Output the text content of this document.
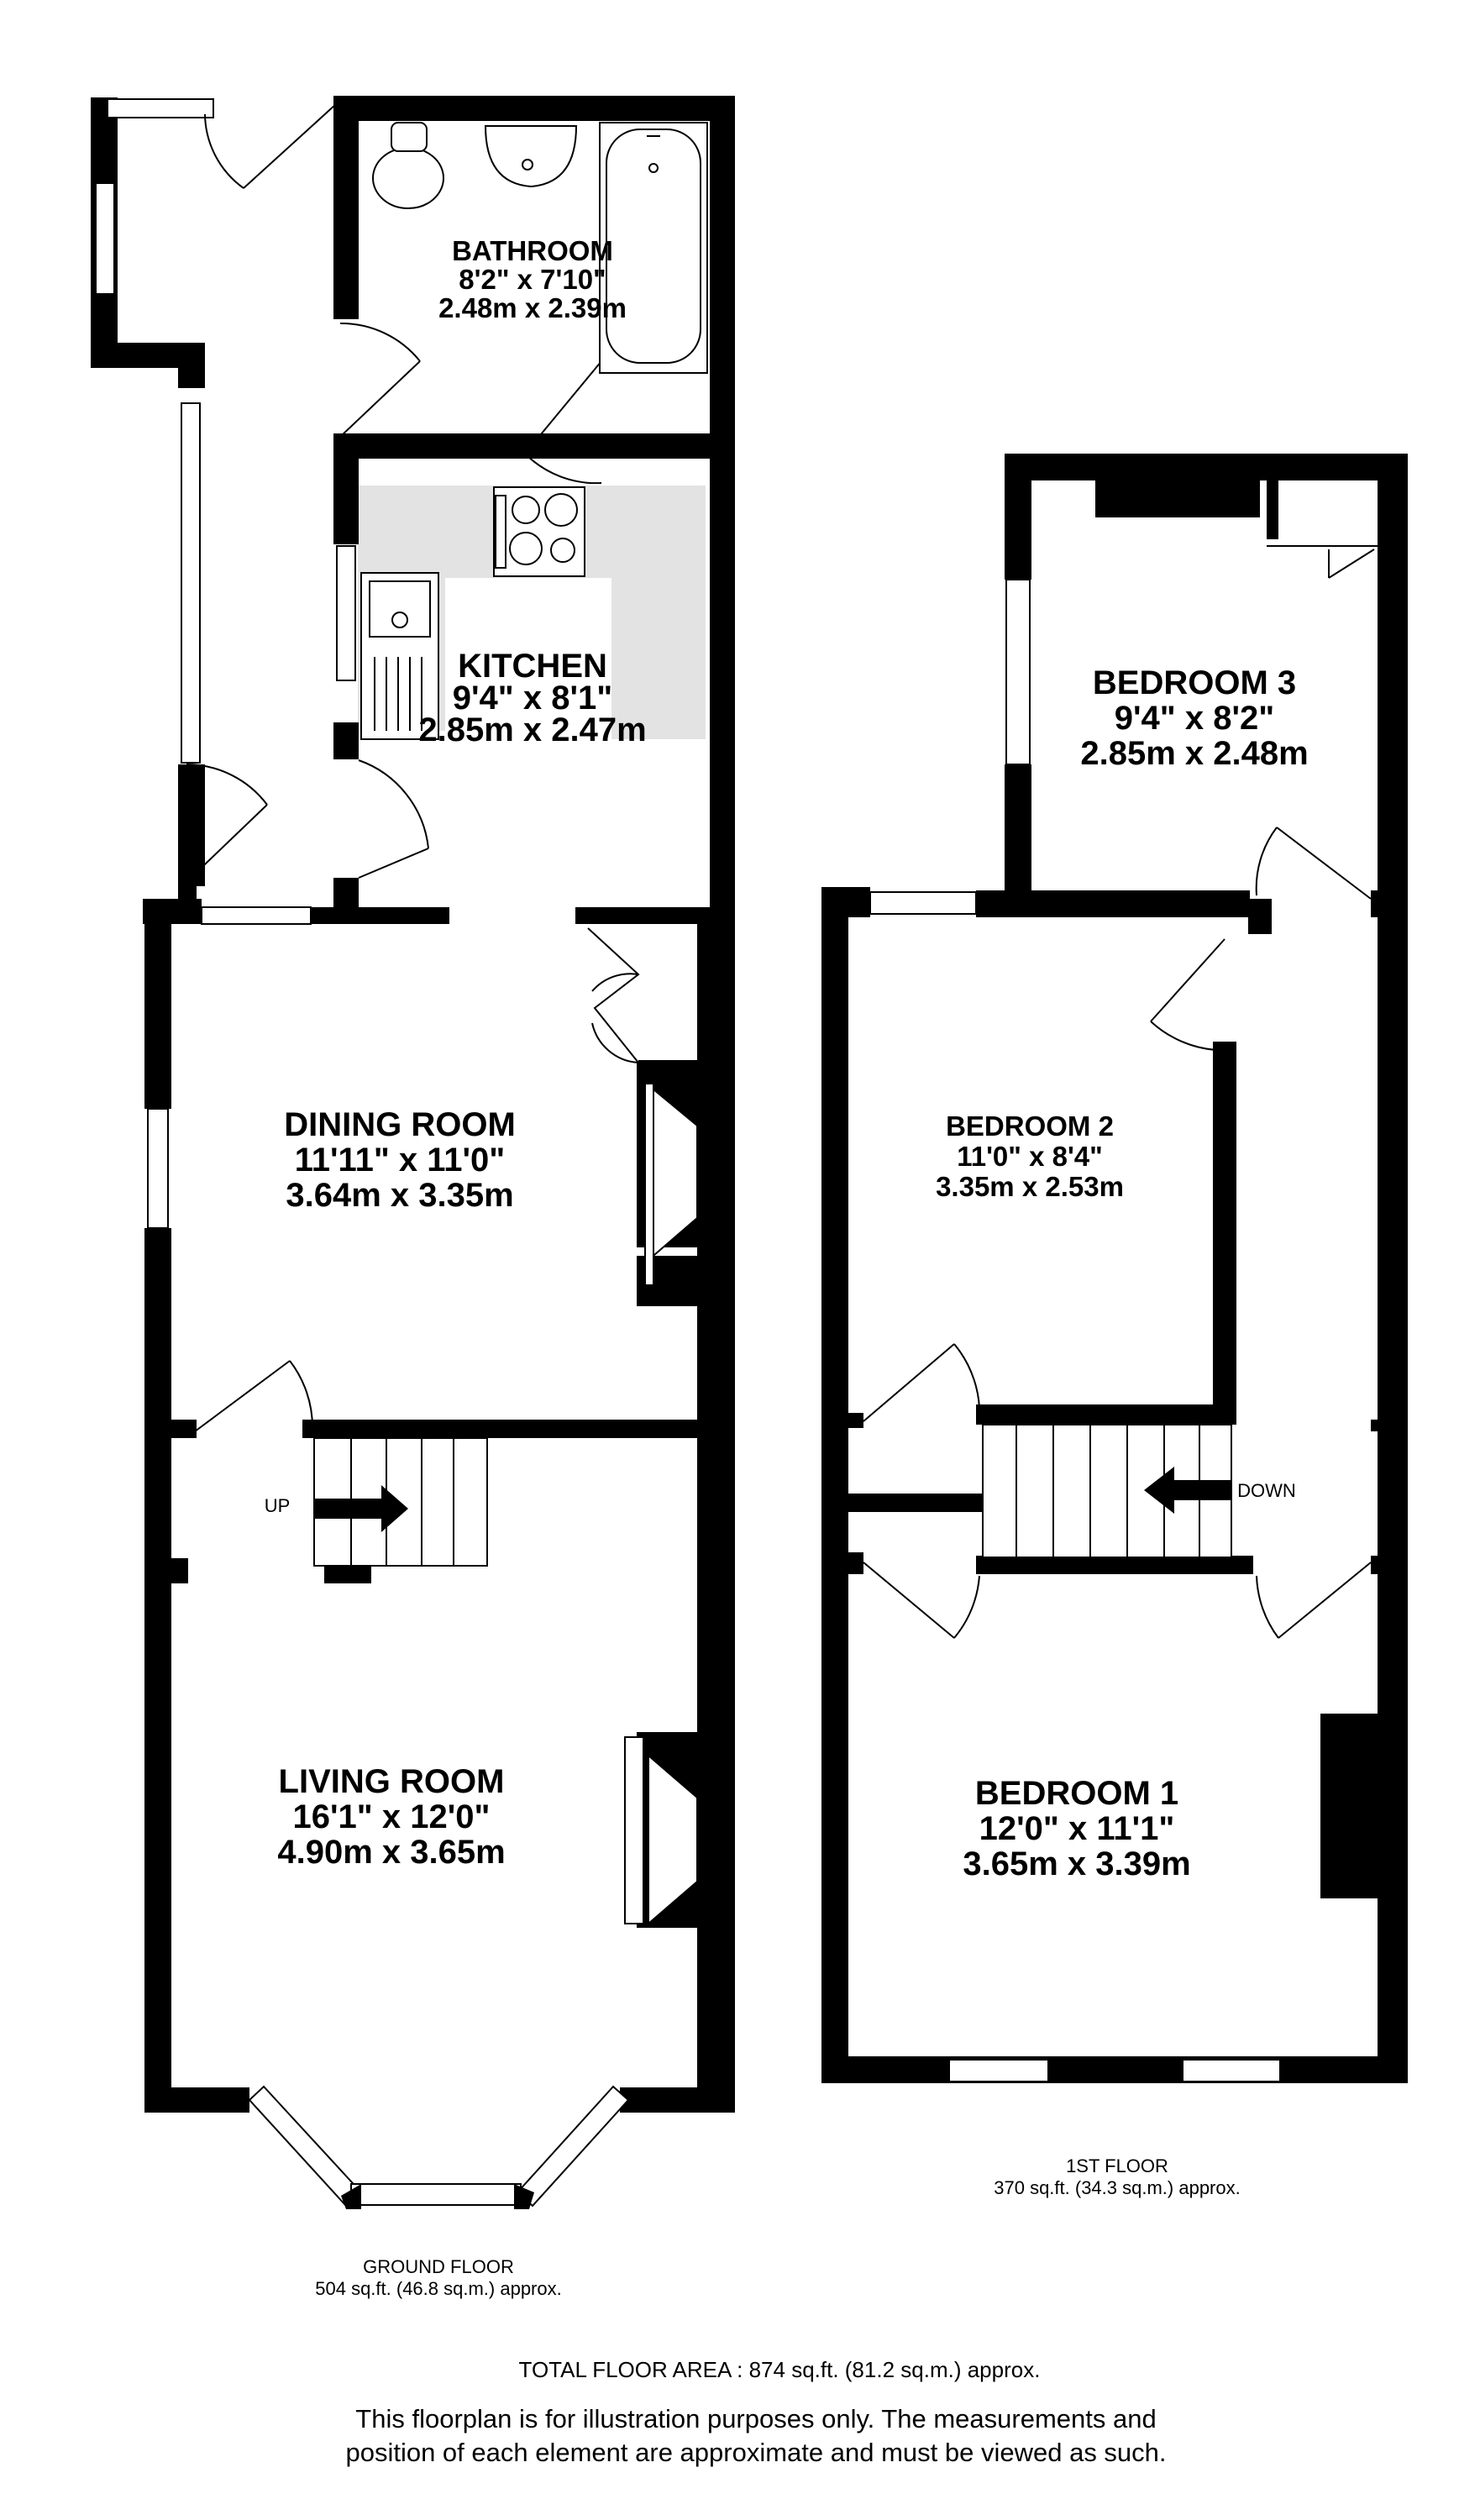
BATHROOM
8'2" x 7'10"
2.48m x 2.39m
KITCHEN
9'4" x 8'1"
2.85m x 2.47m
DINING ROOM
11'11" x 11'0"
3.64m x 3.35m
LIVING ROOM
16'1" x 12'0"
4.90m x 3.65m
UP
BEDROOM 3
9'4" x 8'2"
2.85m x 2.48m
BEDROOM 2
11'0" x 8'4"
3.35m x 2.53m
BEDROOM 1
12'0" x 11'1"
3.65m x 3.39m
DOWN
1ST FLOOR
370 sq.ft. (34.3 sq.m.) approx.
GROUND FLOOR
504 sq.ft. (46.8 sq.m.) approx.
TOTAL FLOOR AREA : 874 sq.ft. (81.2 sq.m.) approx.
This floorplan is for illustration purposes only. The measurements and
position of each element are approximate and must be viewed as such.
